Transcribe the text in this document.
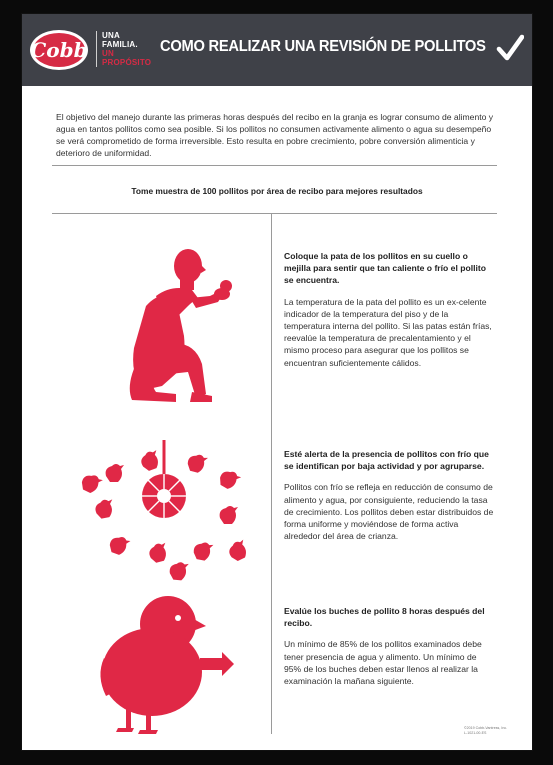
Cobb
UNA FAMILIA.
UN PROPÓSITO
COMO REALIZAR UNA REVISIÓN DE POLLITOS

El objetivo del manejo durante las primeras horas después del recibo en la granja es lograr consumo de alimento y agua en tantos pollitos como sea posible. Si los pollitos no consumen activamente alimento o agua su desempeño se verá comprometido de forma irreversible. Esto resulta en pobre crecimiento, pobre conversión alimenticia y deterioro de uniformidad.

Tome muestra de 100 pollitos por área de recibo para mejores resultados

Coloque la pata de los pollitos en su cuello o mejilla para sentir que tan caliente o frío el pollito se encuentra.

La temperatura de la pata del pollito es un ex-celente indicador de la temperatura del piso y de la temperatura interna del pollito. Si las patas están frías, reevalúe la temperatura de precalentamiento y el mismo proceso para asegurar que los pollitos se encuentran suficientemente cálidos.

Esté alerta de la presencia de pollitos con frío que se identifican por baja actividad y por agruparse.

Pollitos con frío se refleja en reducción de consumo de alimento y agua, por consiguiente, reduciendo la tasa de crecimiento. Los pollitos deben estar distribuidos de forma uniforme y moviéndose de forma activa alrededor del área de crianza.

Evalúe los buches de pollito 8 horas después del recibo.

Un mínimo de 85% de los pollitos examinados debe tener presencia de agua y alimento. Un mínimo de 95% de los buches deben estar llenos al realizar la examinación la mañana siguiente.

©2019 Cobb-Vantress, Inc.
L-1021-00-ES
